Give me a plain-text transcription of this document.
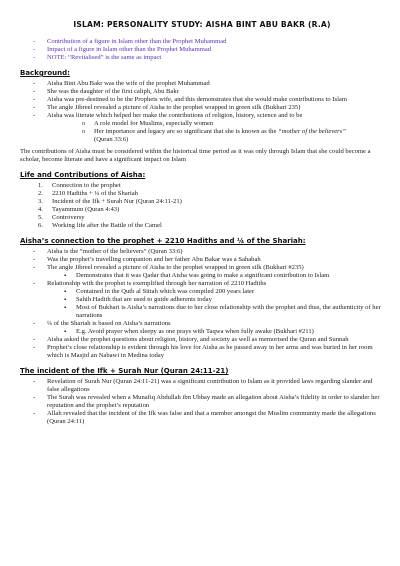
ISLAM: PERSONALITY STUDY: AISHA BINT ABU BAKR (R.A)
- Contribution of a figure in Islam other than the Prophet Muhammad
- Impact of a figure in Islam other than the Prophet Muhammad
- NOTE: “Revitalised” is the same as impact
Background:
- Aisha Bint Abu Bakr was the wife of the prophet Muhammad
- She was the daughter of the first caliph, Abu Bakr
- Aisha was pre-destined to be the Prophets wife, and this demonstrates that she would make contributions to Islam
- The angle Jibreel revealed a picture of Aisha to the prophet wrapped in green silk (Bukhari 235)
- Aisha was literate which helped her make the contributions of religion, history, science and to be
o A role model for Muslims, especially women
o Her importance and legacy are so significant that she is known as the “mother of the believers”
(Quran 33:6)
The contributions of Aisha must be considered within the historical time period as it was only through Islam that she could become a scholar, become literate and have a significant impact on Islam
Life and Contributions of Aisha:
1. Connection to the prophet
2. 2210 Hadiths + ¼ of the Shariah
3. Incident of the Ifk + Surah Nur (Quran 24:11-21)
4. Tayammum (Quran 4:43)
5. Controversy
6. Working life after the Battle of the Camel
Aisha’s connection to the prophet + 2210 Hadiths and ¼ of the Shariah:
- Aisha is the “mother of the believers” (Quran 33:6)
- Was the prophet’s travelling companion and her father Abu Bakar was a Sahabah
- The angle Jibreel revealed a picture of Aisha to the prophet wrapped in green silk (Bukhari #235)
▪ Demonstrates that it was Qadar that Aisha was going to make a significant contribution to Islam
- Relationship with the prophet is exemplified through her narration of 2210 Hadiths
▪ Contained in the Qutb al Sittah which was compiled 200 years later
▪ Sahih Hadith that are used to guide adherents today
▪ Most of Bukhari is Aisha’s narrations due to her close relationship with the prophet and thus, the authenticity of her narrations
- ¼ of the Shariah is based on Aisha’s narrations
▪ E.g. Avoid prayer when sleepy as one prays with Taqwa when fully awake (Bukhari #211)
- Aisha asked the prophet questions about religion, history, and society as well as memorised the Quran and Sunnah
- Prophet’s close relationship is evident through his love for Aisha as he passed away in her arms and was buried in her room which is Masjid an Nabawi in Medina today
The incident of the Ifk + Surah Nur (Quran 24:11-21)
- Revelation of Surah Nur (Quran 24:11-21) was a significant contribution to Islam as it provided laws regarding slander and false allegations
- The Surah was revealed when a Munafiq Abdullah ibn Ubbay made an allegation about Aisha’s fidelity in order to slander her reputation and the prophet’s reputation
- Allah revealed that the incident of the Ifk was false and that a member amongst the Muslim community made the allegations (Quran 24:11)
